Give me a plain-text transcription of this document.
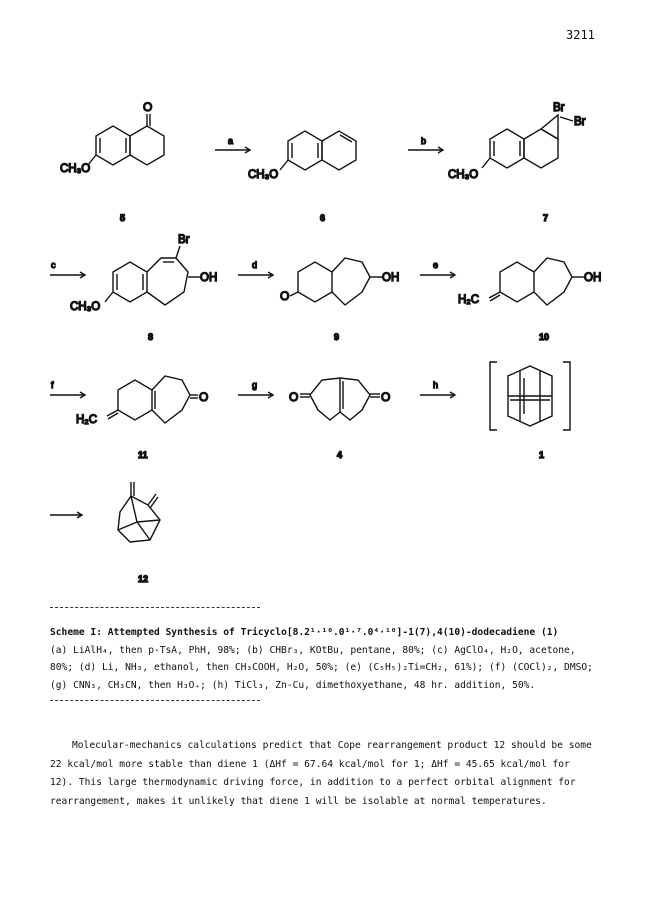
3211
O
CH₃O
a
CH₃O
b
Br
Br
CH₃O
5	6	7
c
Br
OH
CH₃O
d
O
OH
e
H₂C
OH
8	9	10
f
O
H₂C
g
O	O
h
11	4	1
12
Scheme I: Attempted Synthesis of Tricyclo[8.2¹·¹⁰.0¹·⁷.0⁴·¹⁰]-1(7),4(10)-dodecadiene (1)
(a) LiAlH₄, then p-TsA, PhH, 98%; (b) CHBr₃, KOtBu, pentane, 80%; (c) AgClO₄, H₂O, acetone,
80%; (d) Li, NH₃, ethanol, then CH₃COOH, H₂O, 50%; (e) (C₅H₅)₂Ti=CH₂, 61%); (f) (COCl)₂, DMSO;
(g) CNN₃, CH₃CN, then H₃O₊; (h) TiCl₃, Zn-Cu, dimethoxyethane, 48 hr. addition, 50%.
Molecular-mechanics calculations predict that Cope rearrangement product 12 should be some
22 kcal/mol more stable than diene 1 (ΔHf = 67.64 kcal/mol for 1; ΔHf = 45.65 kcal/mol for
12). This large thermodynamic driving force, in addition to a perfect orbital alignment for
rearrangement, makes it unlikely that diene 1 will be isolable at normal temperatures.
